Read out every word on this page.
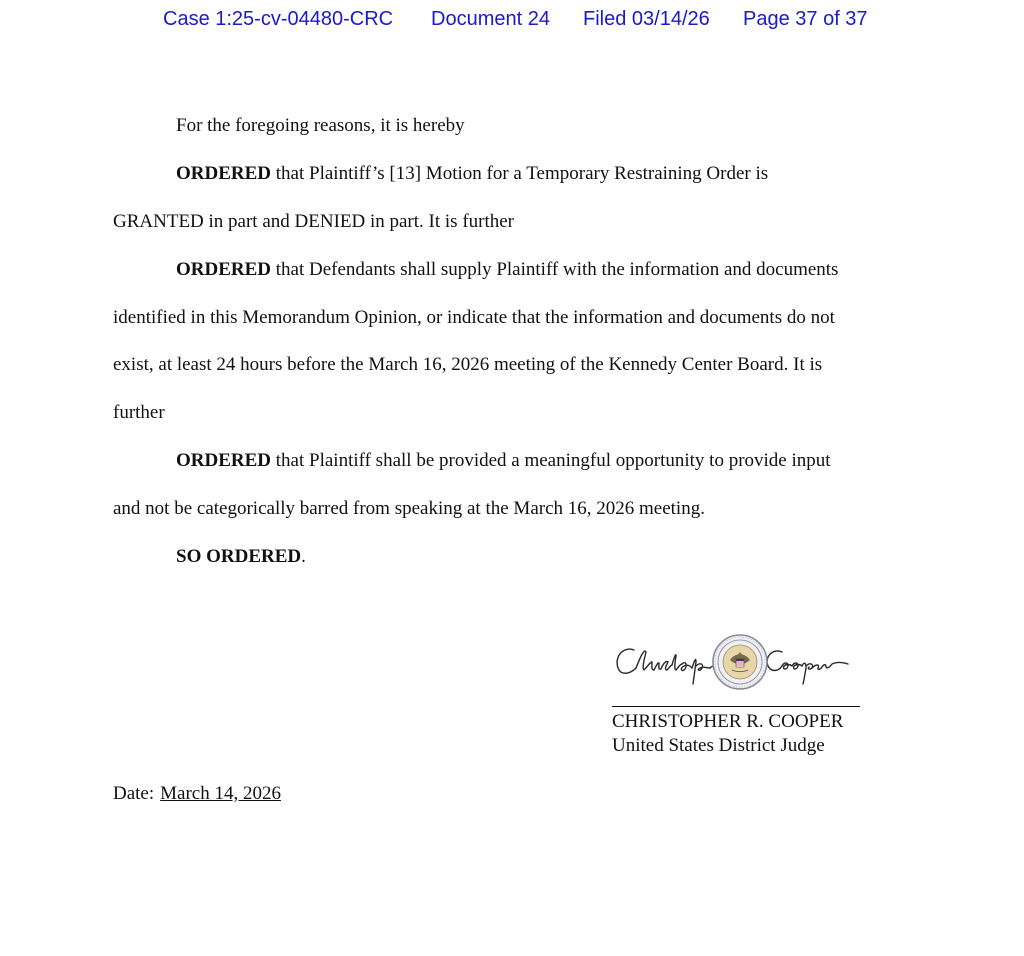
Case 1:25-cv-04480-CRC Document 24 Filed 03/14/26 Page 37 of 37
For the foregoing reasons, it is hereby
ORDERED that Plaintiff’s [13] Motion for a Temporary Restraining Order is
GRANTED in part and DENIED in part. It is further
ORDERED that Defendants shall supply Plaintiff with the information and documents
identified in this Memorandum Opinion, or indicate that the information and documents do not
exist, at least 24 hours before the March 16, 2026 meeting of the Kennedy Center Board. It is
further
ORDERED that Plaintiff shall be provided a meaningful opportunity to provide input
and not be categorically barred from speaking at the March 16, 2026 meeting.
SO ORDERED.
CHRISTOPHER R. COOPER
United States District Judge
Date: March 14, 2026
